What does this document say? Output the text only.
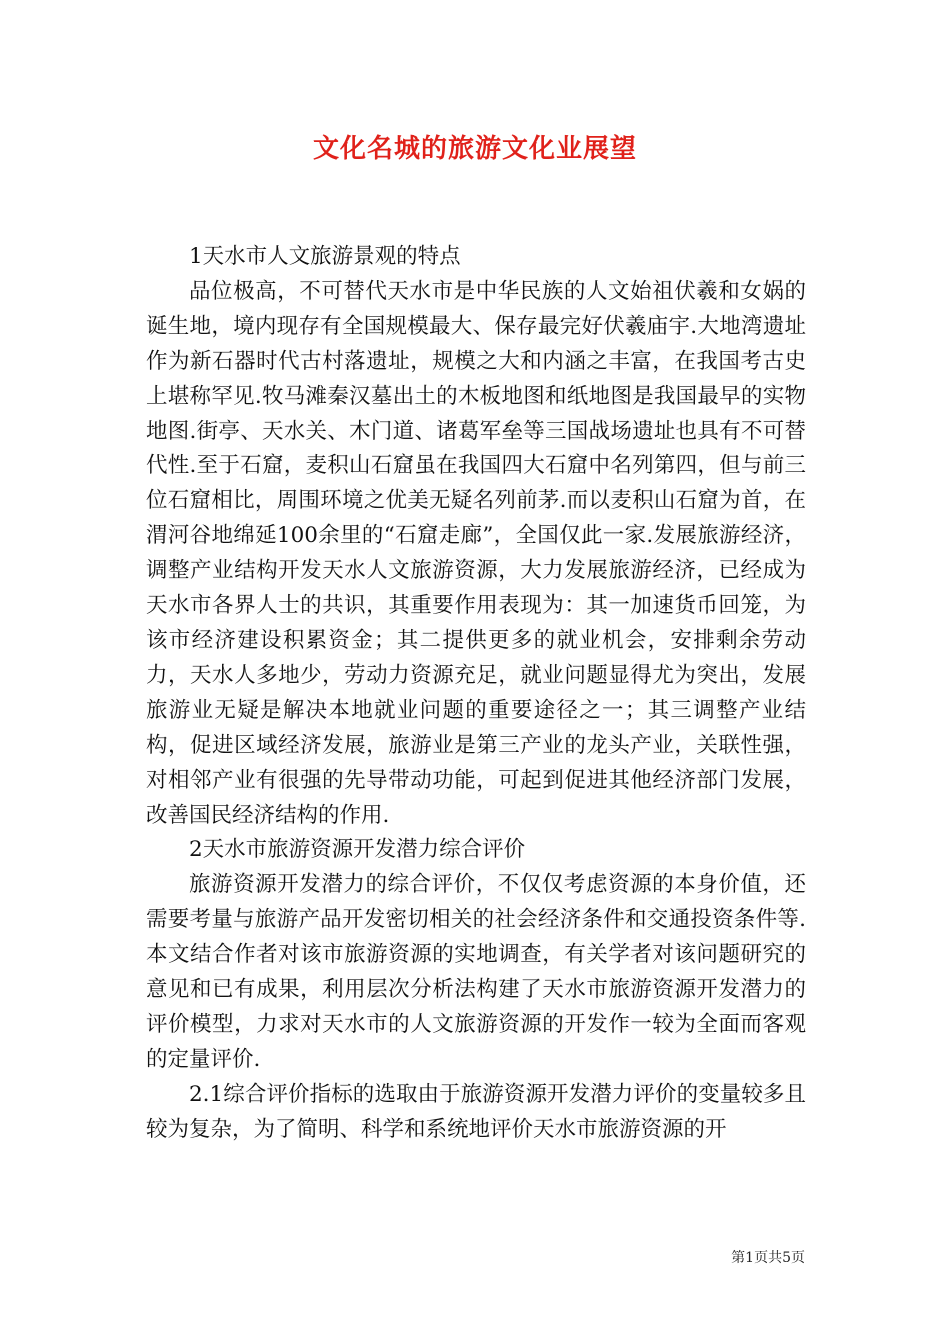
文化名城的旅游文化业展望

1天水市人文旅游景观的特点

品位极高，不可替代天水市是中华民族的人文始祖伏羲和女娲的诞生地，境内现存有全国规模最大、保存最完好伏羲庙宇.大地湾遗址作为新石器时代古村落遗址，规模之大和内涵之丰富，在我国考古史上堪称罕见.牧马滩秦汉墓出土的木板地图和纸地图是我国最早的实物地图.街亭、天水关、木门道、诸葛军垒等三国战场遗址也具有不可替代性.至于石窟，麦积山石窟虽在我国四大石窟中名列第四，但与前三位石窟相比，周围环境之优美无疑名列前茅.而以麦积山石窟为首，在渭河谷地绵延100余里的“石窟走廊”，全国仅此一家.发展旅游经济，调整产业结构开发天水人文旅游资源，大力发展旅游经济，已经成为天水市各界人士的共识，其重要作用表现为：其一加速货币回笼，为该市经济建设积累资金；其二提供更多的就业机会，安排剩余劳动力，天水人多地少，劳动力资源充足，就业问题显得尤为突出，发展旅游业无疑是解决本地就业问题的重要途径之一；其三调整产业结构，促进区域经济发展，旅游业是第三产业的龙头产业，关联性强，对相邻产业有很强的先导带动功能，可起到促进其他经济部门发展，改善国民经济结构的作用.

2天水市旅游资源开发潜力综合评价

旅游资源开发潜力的综合评价，不仅仅考虑资源的本身价值，还需要考量与旅游产品开发密切相关的社会经济条件和交通投资条件等.本文结合作者对该市旅游资源的实地调查，有关学者对该问题研究的意见和已有成果，利用层次分析法构建了天水市旅游资源开发潜力的评价模型，力求对天水市的人文旅游资源的开发作一较为全面而客观的定量评价.

2.1综合评价指标的选取由于旅游资源开发潜力评价的变量较多且较为复杂，为了简明、科学和系统地评价天水市旅游资源的开

第1页共5页
